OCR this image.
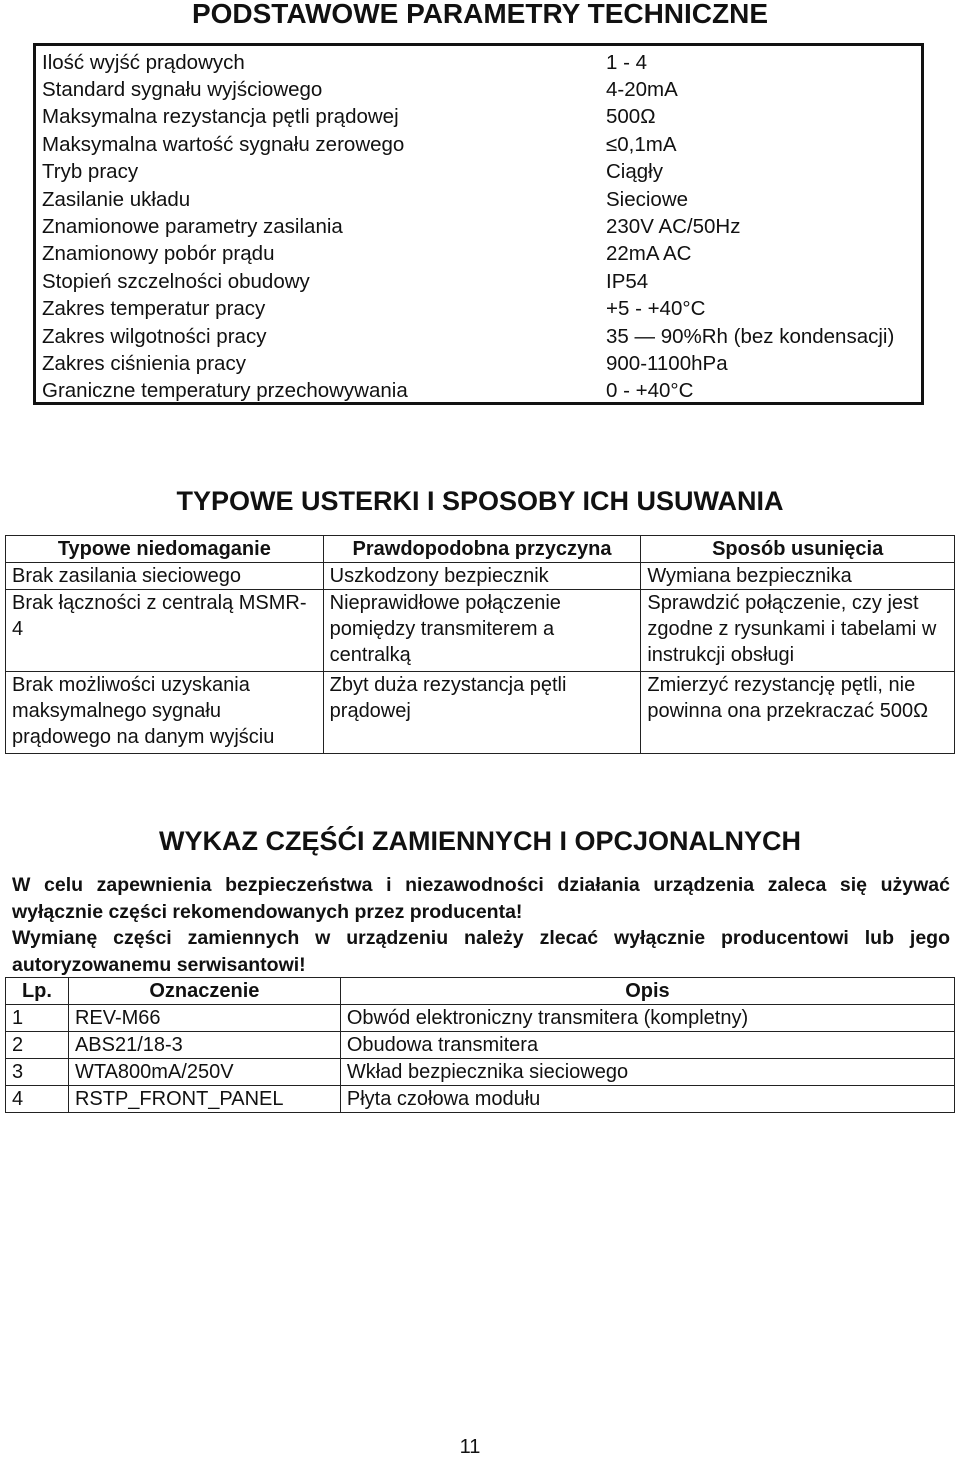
PODSTAWOWE PARAMETRY TECHNICZNE
Ilość wyjść prądowych	1 - 4
Standard sygnału wyjściowego	4-20mA
Maksymalna rezystancja pętli prądowej	500Ω
Maksymalna wartość sygnału zerowego	≤0,1mA
Tryb pracy	Ciągły
Zasilanie układu	Sieciowe
Znamionowe parametry zasilania	230V AC/50Hz
Znamionowy pobór prądu	22mA AC
Stopień szczelności obudowy	IP54
Zakres temperatur pracy	+5 - +40°C
Zakres wilgotności pracy	35 — 90%Rh (bez kondensacji)
Zakres ciśnienia pracy	900-1100hPa
Graniczne temperatury przechowywania	0 - +40°C
TYPOWE USTERKI I SPOSOBY ICH USUWANIA
Typowe niedomaganie	Prawdopodobna przyczyna	Sposób usunięcia
Brak zasilania sieciowego	Uszkodzony bezpiecznik	Wymiana bezpiecznika
Brak łączności z centralą MSMR-4	Nieprawidłowe połączenie pomiędzy transmiterem a centralką	Sprawdzić połączenie, czy jest zgodne z rysunkami i tabelami w instrukcji obsługi
Brak możliwości uzyskania maksymalnego sygnału prądowego na danym wyjściu	Zbyt duża rezystancja pętli prądowej	Zmierzyć rezystancję pętli, nie powinna ona przekraczać 500Ω
WYKAZ CZĘŚĆI ZAMIENNYCH I OPCJONALNYCH

W celu zapewnienia bezpieczeństwa i niezawodności działania urządzenia zaleca się używać wyłącznie części rekomendowanych przez producenta!

Wymianę części zamiennych w urządzeniu należy zlecać wyłącznie producentowi lub jego autoryzowanemu serwisantowi!

Lp.	Oznaczenie	Opis
1	REV-M66	Obwód elektroniczny transmitera (kompletny)
2	ABS21/18-3	Obudowa transmitera
3	WTA800mA/250V	Wkład bezpiecznika sieciowego
4	RSTP_FRONT_PANEL	Płyta czołowa modułu
11
